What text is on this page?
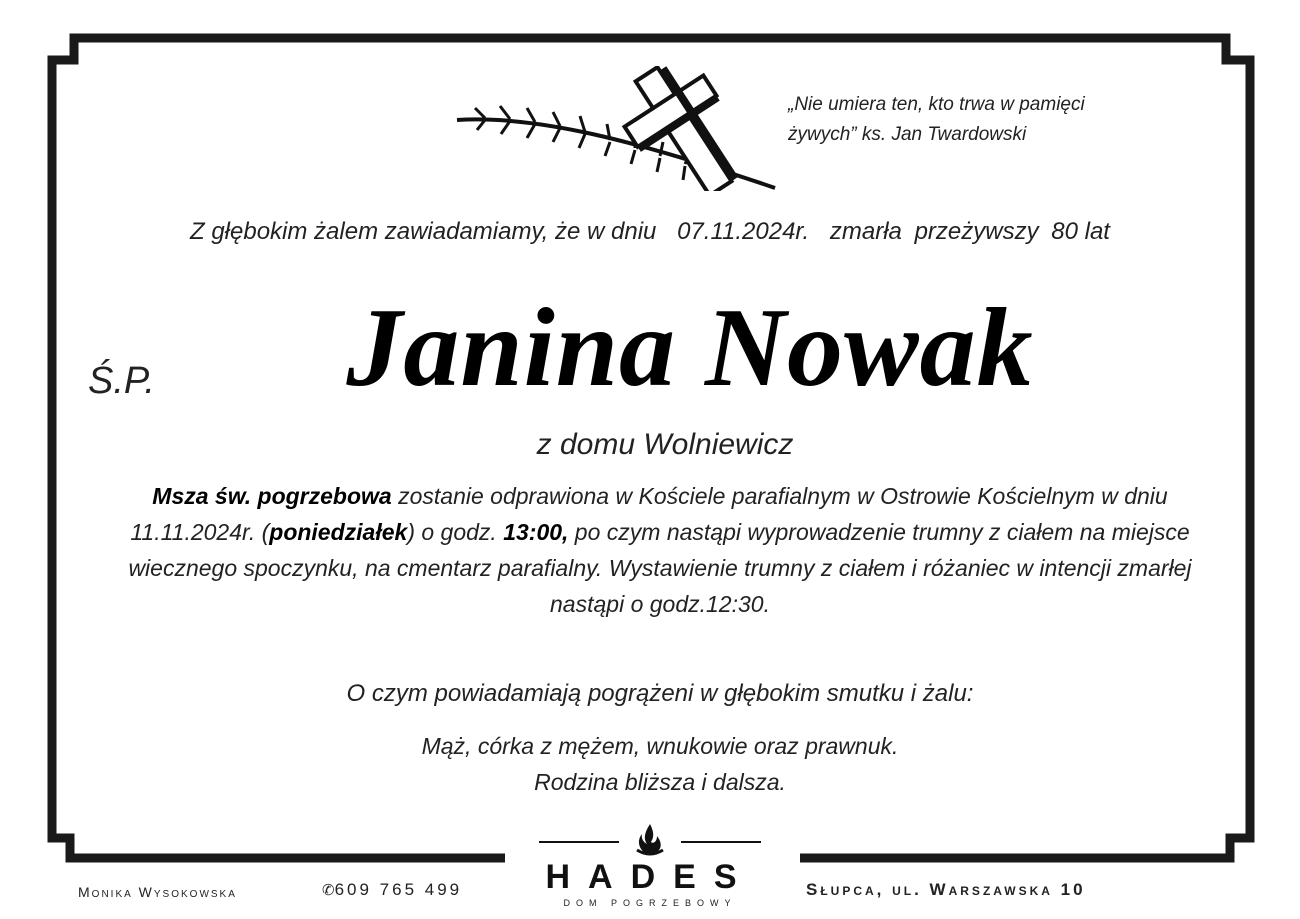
„Nie umiera ten, kto trwa w pamięci
żywych” ks. Jan Twardowski
Z głębokim żalem zawiadamiamy, że w dniu 07.11.2024r. zmarła przeżywszy 80 lat
Ś.P.	Janina Nowak
z domu Wolniewicz
Msza św. pogrzebowa zostanie odprawiona w Kościele parafialnym w Ostrowie Kościelnym w dniu 11.11.2024r. (poniedziałek) o godz. 13:00, po czym nastąpi wyprowadzenie trumny z ciałem na miejsce wiecznego spoczynku, na cmentarz parafialny. Wystawienie trumny z ciałem i różaniec w intencji zmarłej nastąpi o godz.12:30.
O czym powiadamiają pogrążeni w głębokim smutku i żalu:
Mąż, córka z mężem, wnukowie oraz prawnuk.
Rodzina bliższa i dalsza.
HADES
DOM POGRZEBOWY
Monika Wysokowska	✆609 765 499	Słupca, ul. Warszawska 10
